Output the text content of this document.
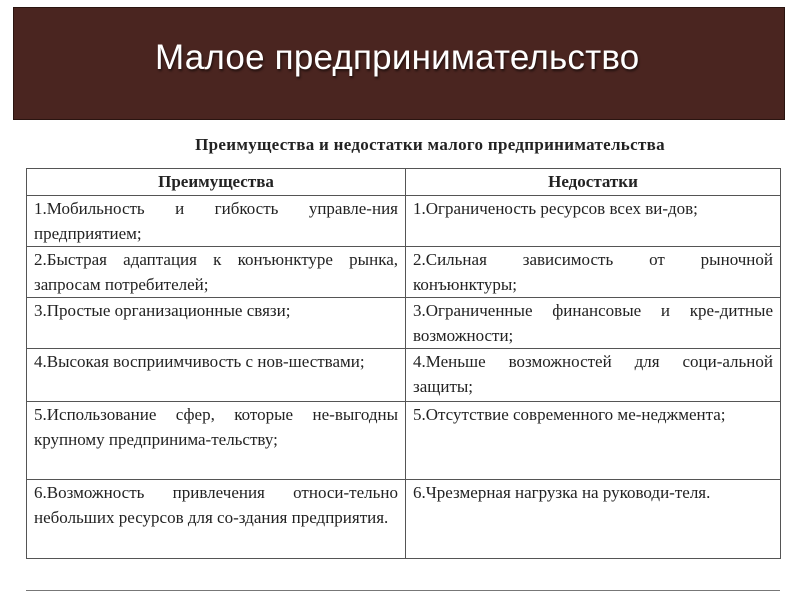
Малое предпринимательство
Преимущества и недостатки малого предпринимательства
Преимущества	Недостатки
1.Мобильность и гибкость управле-ния предприятием;	1.Ограниченость ресурсов всех ви-дов;
2.Быстрая адаптация к конъюнктуре рынка, запросам потребителей;	2.Сильная зависимость от рыночной конъюнктуры;
3.Простые организационные связи;	3.Ограниченные финансовые и кре-дитные возможности;
4.Высокая восприимчивость с нов-шествами;	4.Меньше возможностей для соци-альной защиты;
5.Использование сфер, которые не-выгодны крупному предпринима-тельству;	5.Отсутствие современного ме-неджмента;
6.Возможность привлечения относи-тельно небольших ресурсов для со-здания предприятия.	6.Чрезмерная нагрузка на руководи-теля.
